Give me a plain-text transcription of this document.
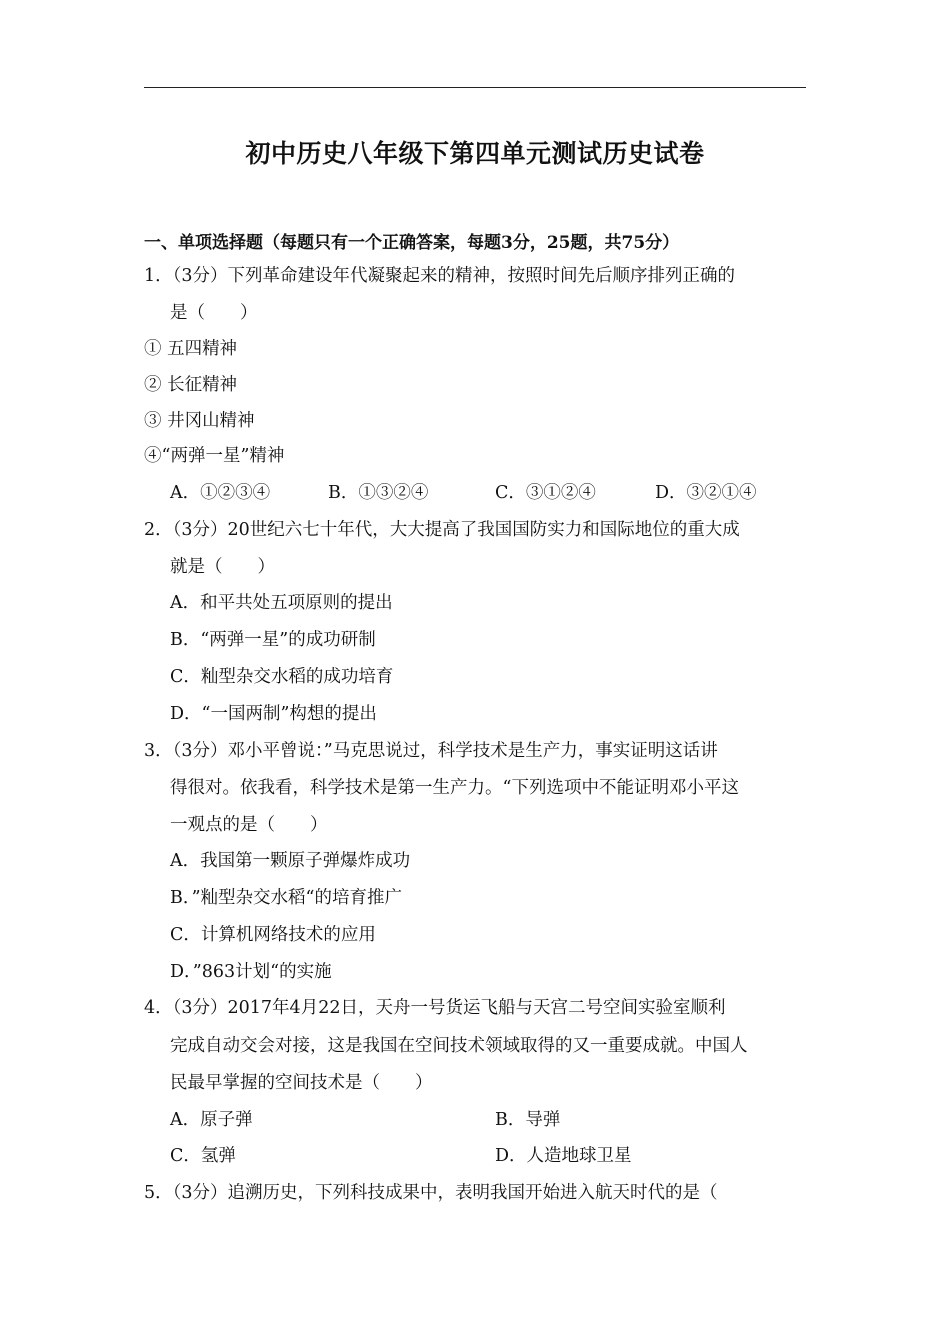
初中历史八年级下第四单元测试历史试卷
一、单项选择题（每题只有一个正确答案，每题3分，25题，共75分）
1．（3分）下列革命建设年代凝聚起来的精神，按照时间先后顺序排列正确的
是（　　）
① 五四精神
② 长征精神
③ 井冈山精神
④“两弹一星”精神
A．①②③④	B．①③②④	C．③①②④	D．③②①④
2．（3分）20世纪六七十年代，大大提高了我国国防实力和国际地位的重大成
就是（　　）
A．和平共处五项原则的提出
B．“两弹一星”的成功研制
C．籼型杂交水稻的成功培育
D．“一国两制”构想的提出
3．（3分）邓小平曾说：”马克思说过，科学技术是生产力，事实证明这话讲
得很对。依我看，科学技术是第一生产力。“下列选项中不能证明邓小平这
一观点的是（　　）
A．我国第一颗原子弹爆炸成功
B．”籼型杂交水稻“的培育推广
C．计算机网络技术的应用
D．”863计划“的实施
4．（3分）2017年4月22日，天舟一号货运飞船与天宫二号空间实验室顺利
完成自动交会对接，这是我国在空间技术领域取得的又一重要成就。中国人
民最早掌握的空间技术是（　　）
A．原子弹	B．导弹
C．氢弹	D．人造地球卫星
5．（3分）追溯历史，下列科技成果中，表明我国开始进入航天时代的是（
